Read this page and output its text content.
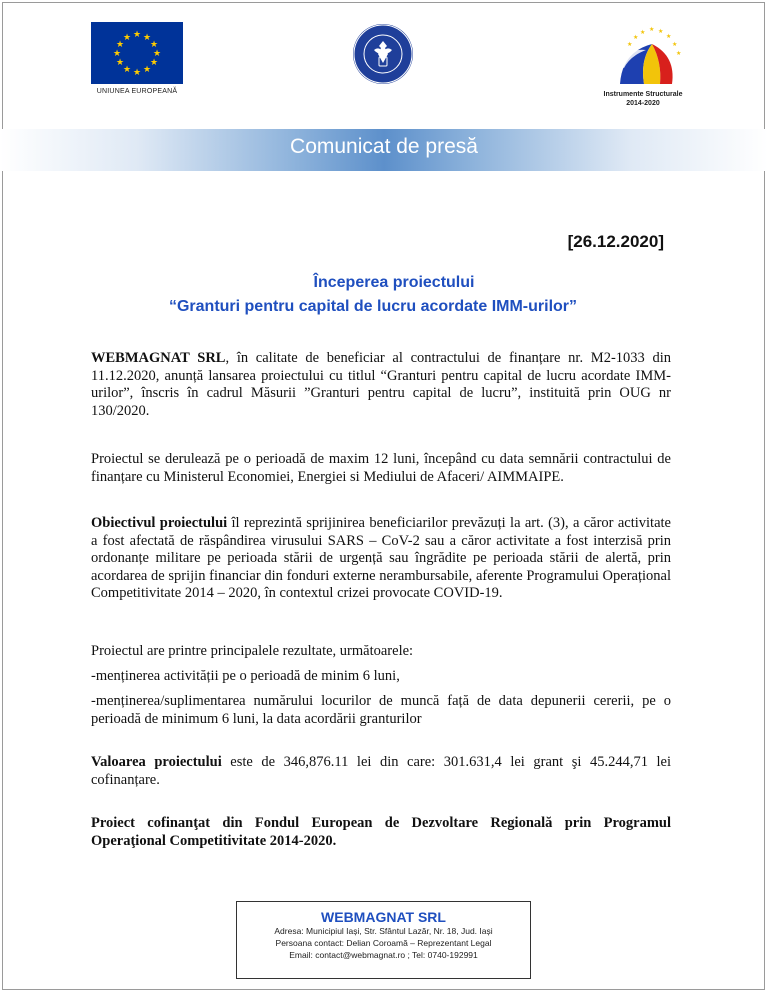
★ ★
★
★
★
★
★
★
★
★
★
★
UNIUNEA EUROPEANĂ
★ ★ ★
★
★
★
★
★
Instrumente Structurale
2014-2020
Comunicat de presă
[26.12.2020]
Începerea proiectului
“Granturi pentru capital de lucru acordate IMM-urilor”
WEBMAGNAT SRL, în calitate de beneficiar al contractului de finanțare nr. M2-1033 din 11.12.2020, anunță lansarea proiectului cu titlul “Granturi pentru capital de lucru acordate IMM-urilor”, înscris în cadrul Măsurii ”Granturi pentru capital de lucru”, instituită prin OUG nr 130/2020.
Proiectul se derulează pe o perioadă de maxim 12 luni, începând cu data semnării contractului de finanțare cu Ministerul Economiei, Energiei si Mediului de Afaceri/ AIMMAIPE.
Obiectivul proiectului îl reprezintă sprijinirea beneficiarilor prevăzuți la art. (3), a căror activitate a fost afectată de răspândirea virusului SARS – CoV-2 sau a căror activitate a fost interzisă prin ordonanțe militare pe perioada stării de urgență sau îngrădite pe perioada stării de alertă, prin acordarea de sprijin financiar din fonduri externe nerambursabile, aferente Programului Operațional Competitivitate 2014 – 2020, în contextul crizei provocate COVID-19.
Proiectul are printre principalele rezultate, următoarele:
-menținerea activității pe o perioadă de minim 6 luni,
-menținerea/suplimentarea numărului locurilor de muncă față de data depunerii cererii, pe o perioadă de minimum 6 luni, la data acordării granturilor
Valoarea proiectului este de 346,876.11 lei din care: 301.631,4 lei grant şi 45.244,71 lei cofinanțare.
Proiect cofinanţat din Fondul European de Dezvoltare Regională prin Programul Operaţional Competitivitate 2014-2020.
WEBMAGNAT SRL
Adresa: Municipiul Iași, Str. Sfântul Lazăr, Nr. 18, Jud. Iași
Persoana contact: Delian Coroamă – Reprezentant Legal
Email: contact@webmagnat.ro ; Tel: 0740-192991
